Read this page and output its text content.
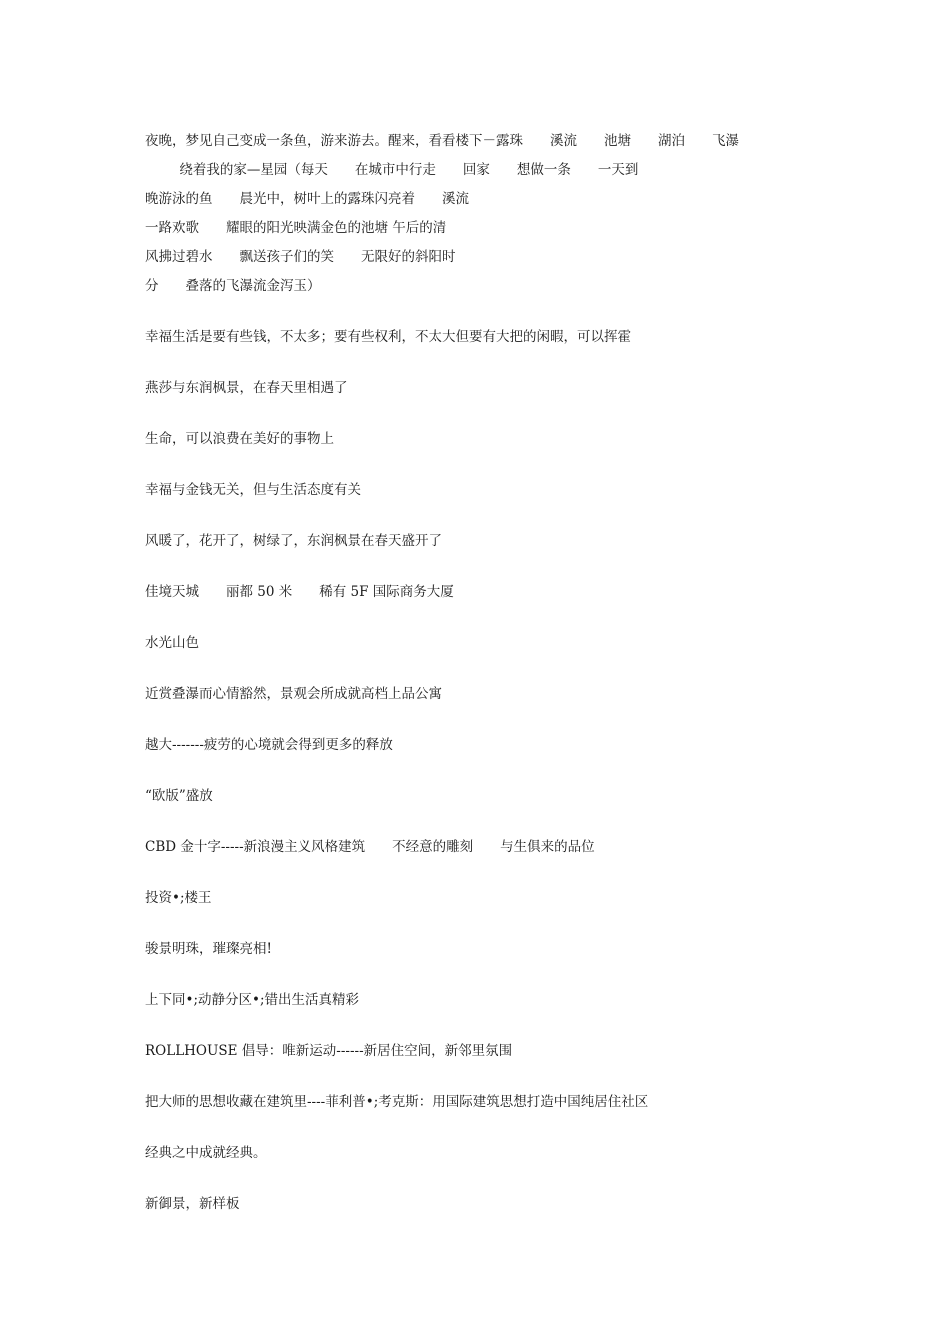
夜晚，梦见自己变成一条鱼，游来游去。醒来，看看楼下－露珠　　溪流　　池塘　　湖泊　　飞瀑
绕着我的家—星园（每天　　在城市中行走　　回家　　想做一条　　一天到
晚游泳的鱼　　晨光中，树叶上的露珠闪亮着　　溪流
一路欢歌　　耀眼的阳光映满金色的池塘 午后的清
风拂过碧水　　飘送孩子们的笑　　无限好的斜阳时
分　　叠落的飞瀑流金泻玉）
幸福生活是要有些钱，不太多；要有些权利，不太大但要有大把的闲暇，可以挥霍
燕莎与东润枫景，在春天里相遇了
生命，可以浪费在美好的事物上
幸福与金钱无关，但与生活态度有关
风暖了，花开了，树绿了，东润枫景在春天盛开了
佳境天城　　丽都 50 米　　稀有 5F 国际商务大厦
水光山色
近赏叠瀑而心情豁然，景观会所成就高档上品公寓
越大-------疲劳的心境就会得到更多的释放
“欧版”盛放
CBD 金十字-----新浪漫主义风格建筑　　不经意的雕刻　　与生俱来的品位
投资•;楼王
骏景明珠，璀璨亮相!
上下同•;动静分区•;错出生活真精彩
ROLLHOUSE 倡导：唯新运动------新居住空间，新邻里氛围
把大师的思想收藏在建筑里----菲利普•;考克斯：用国际建筑思想打造中国纯居住社区
经典之中成就经典。
新御景，新样板
